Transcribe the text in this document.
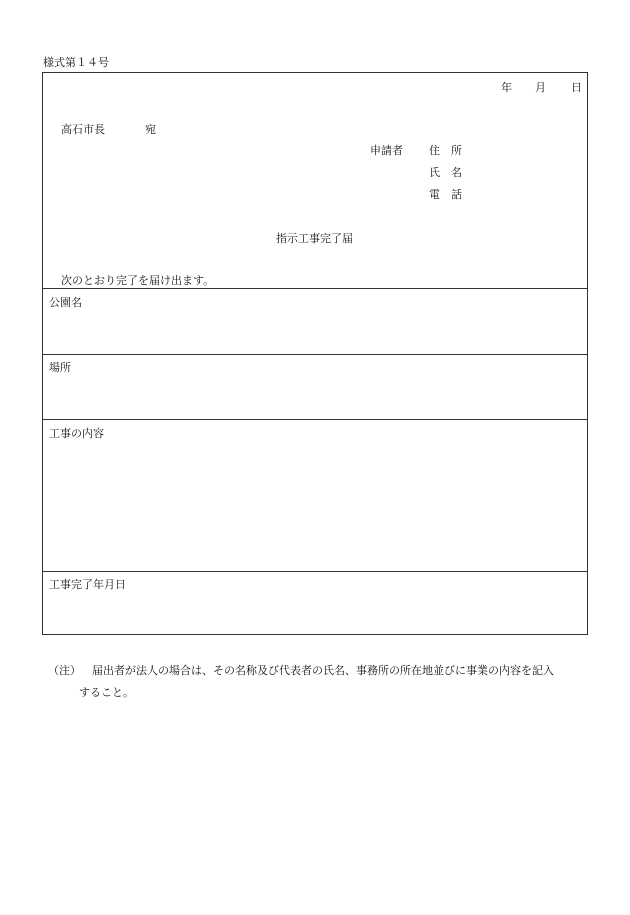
様式第１４号
年 月 日
高石市長	宛
申請者 住　所
氏　名
電　話
指示工事完了届
次のとおり完了を届け出ます。
公園名
場所
工事の内容
工事完了年月日
（注） 届出者が法人の場合は、その名称及び代表者の氏名、事務所の所在地並びに事業の内容を記入
すること。
